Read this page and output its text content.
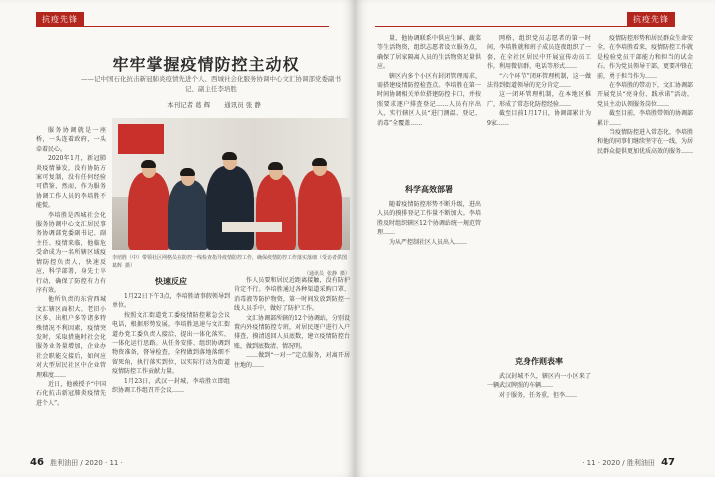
抗疫先锋
牢牢掌握疫情防控主动权
——记中国石化抗击新冠肺炎疫情先进个人、西城社会化服务协调中心文汇协调部党委副书记、副主任李培胜
本刊记者 葛 辉 通讯员 张 静

服务协调就是一座桥，一头连着政府，一头牵着民心。

2020年1月，新冠肺炎疫情暴发，没有协防方案可复制，没有任何经验可借鉴，然而，作为服务协调工作人员的李培胜不能慌。

李培胜是西城社会化服务协调中心文汇居民事务协调部党委副书记、副主任、疫情来临，他临危受命成为一名所辖区域疫情防控负责人，快速反应，科学部署，身先士卒行动，确保了防控有力有序有效。

他所负责的东营西城文汇辖区面积大、老旧小区多、出租户多等诸多特殊情况不利因素，疫情突发时，采取措施时社会化服务业务量增加，企业办社会职能交接后，如何应对大型居民社区中企业管理难度……

近日，他被授予“中国石化抗击新冠肺炎疫情先进个人”。

李培胜（中）带领社区网格员在防控一线检查指导疫情防控工作，确保疫情防控工作落实落细（受访者供图 葛辉 摄）
（通讯员 张静 摄）
快速反应

1月22日下午3点，李培胜请事假领导到单位。

按照文汇街道党工委疫情防控紧急会议电话，根据形势发展，李培胜迅速与文汇街道办党工委负责人接洽，提出一体化落实，一体化运行思路。从任务安排、组织协调到物资准备，督导检查，全程做到落地落细不留死角，执行落实到位，以实际行动为街道疫情防控工作贡献力量。

1月23日，武汉一封城，李培胜立即组织协调工作组召开会议……

作人员要和居民近距离接触，没有防护肯定不行。李培胜通过各种渠道采购口罩、消毒液等防护物资，第一时间发放到防控一线人员手中，做好了防护工作。

文汇协调部所辖的12个协调站，分别设置内外疫情防控专班，对居民逐户进行入户排查，摸清返回人员底数，建立疫情防控台账，做到底数清、情况明。

……做到“一对一”定点服务，对离开居住地的……

46 胜利油田 / 2020 · 11 ·
抗疫先锋

量，他协调联系中供应生鲜、蔬菜等生活物资，组织志愿者设立服务点，确保了居家隔离人员的生活物资足量供应。

辖区内多个小区有封闭管理需求，需搭建疫情防控检查点。李培胜在第一时间协调相关单位搭建防控卡口，并按照要求逐户排查登记……人员有序出入，实行辖区人员“进门测温、登记、消毒”全覆盖……

科学高效部署

随着疫情防控形势不断升级，进出人员的摸排登记工作量不断加大。李培胜及时组织辖区12个协调站统一规范管理……

为从严控制社区人员出入……

网格，组织党员志愿者的第一时间，李培胜就和班子成员连夜组织了一套，在全社区居民中开展宣传动员工作，利用微信群、电话等形式……

“六个环节”闭环管理机制，这一做法得到街道领导的充分肯定……

这一闭环管理机制，在本地区推广，形成了常态化防控经验……

截至目前1月17日，协调部累计为9家……

克身作则表率

武汉封城不久，辖区内一小区来了一辆武汉牌照的车辆……

对于服务，任务重，但李……

疫情防控形势和居民群众生命安全，在李培胜看来，疫情防控工作就是检验党员干部能力和担当的试金石。作为党员领导干部，更要冲锋在前，勇于担当作为……

在李培胜的带动下，文汇协调部开展党员“亮身份、践承诺”活动，党员主动认领服务岗位……

截至目前，李培胜带领的协调部累计……

当疫情防控进入常态化，李培胜和他的同事们继续坚守在一线，为居民群众提供更加优质高效的服务……

· 11 · 2020 / 胜利油田 47
